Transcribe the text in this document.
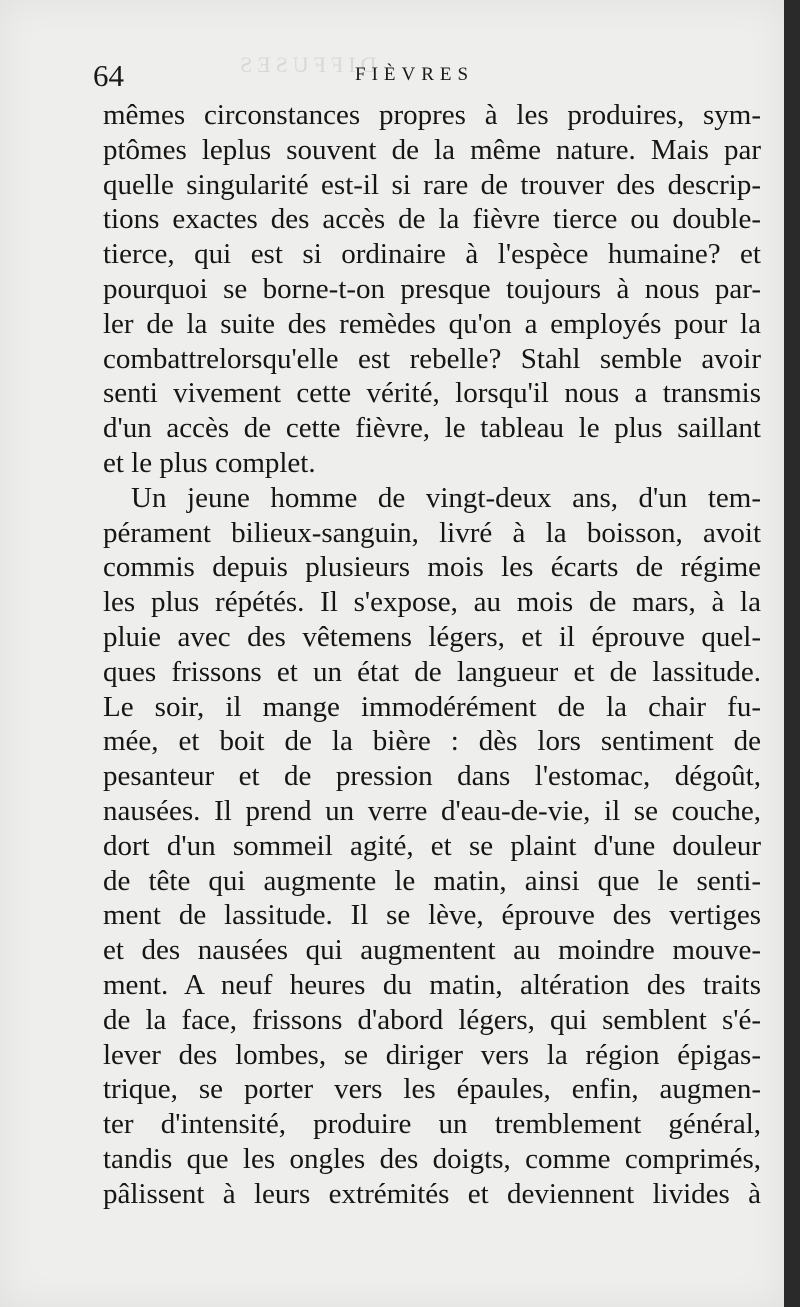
DIFFUSES
64	FIÈVRES
mêmes circonstances propres à les produires, sym-
ptômes leplus souvent de la même nature. Mais par
quelle singularité est-il si rare de trouver des descrip-
tions exactes des accès de la fièvre tierce ou double-
tierce, qui est si ordinaire à l'espèce humaine? et
pourquoi se borne-t-on presque toujours à nous par-
ler de la suite des remèdes qu'on a employés pour la
combattrelorsqu'elle est rebelle? Stahl semble avoir
senti vivement cette vérité, lorsqu'il nous a transmis
d'un accès de cette fièvre, le tableau le plus saillant
et le plus complet.
Un jeune homme de vingt-deux ans, d'un tem-
pérament bilieux-sanguin, livré à la boisson, avoit
commis depuis plusieurs mois les écarts de régime
les plus répétés. Il s'expose, au mois de mars, à la
pluie avec des vêtemens légers, et il éprouve quel-
ques frissons et un état de langueur et de lassitude.
Le soir, il mange immodérément de la chair fu-
mée, et boit de la bière : dès lors sentiment de
pesanteur et de pression dans l'estomac, dégoût,
nausées. Il prend un verre d'eau-de-vie, il se couche,
dort d'un sommeil agité, et se plaint d'une douleur
de tête qui augmente le matin, ainsi que le senti-
ment de lassitude. Il se lève, éprouve des vertiges
et des nausées qui augmentent au moindre mouve-
ment. A neuf heures du matin, altération des traits
de la face, frissons d'abord légers, qui semblent s'é-
lever des lombes, se diriger vers la région épigas-
trique, se porter vers les épaules, enfin, augmen-
ter d'intensité, produire un tremblement général,
tandis que les ongles des doigts, comme comprimés,
pâlissent à leurs extrémités et deviennent livides à
